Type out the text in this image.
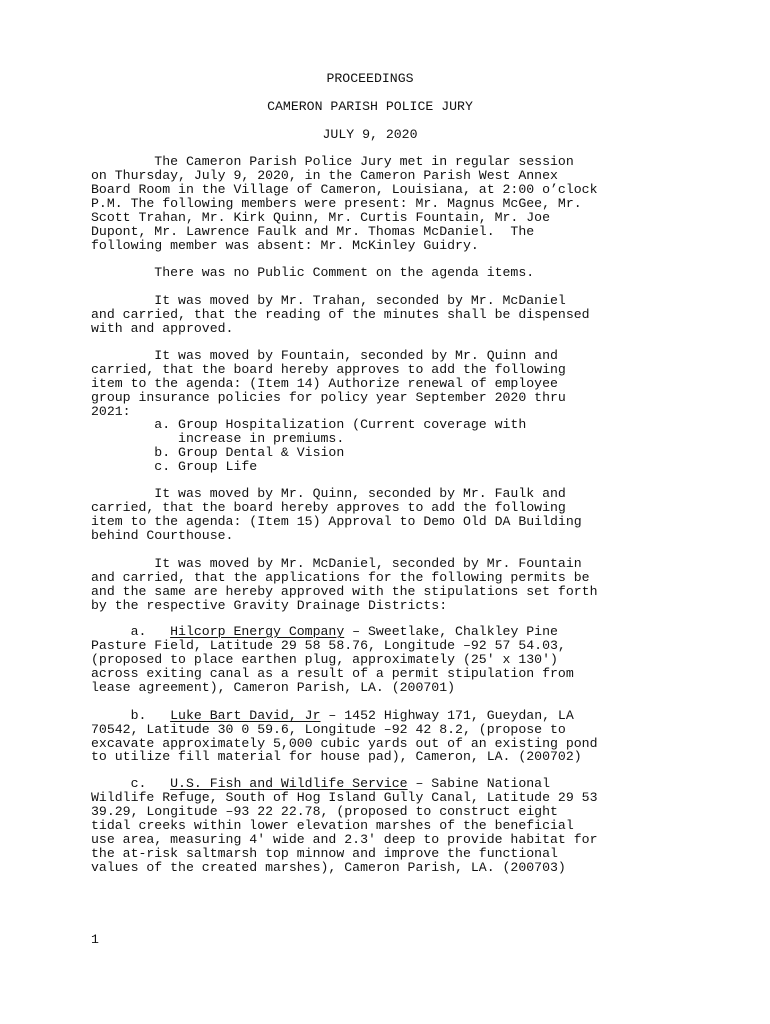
PROCEEDINGS
CAMERON PARISH POLICE JURY
JULY 9, 2020
The Cameron Parish Police Jury met in regular session
on Thursday, July 9, 2020, in the Cameron Parish West Annex
Board Room in the Village of Cameron, Louisiana, at 2:00 o’clock
P.M. The following members were present: Mr. Magnus McGee, Mr.
Scott Trahan, Mr. Kirk Quinn, Mr. Curtis Fountain, Mr. Joe
Dupont, Mr. Lawrence Faulk and Mr. Thomas McDaniel.  The
following member was absent: Mr. McKinley Guidry.
There was no Public Comment on the agenda items.
It was moved by Mr. Trahan, seconded by Mr. McDaniel
and carried, that the reading of the minutes shall be dispensed
with and approved.
It was moved by Fountain, seconded by Mr. Quinn and
carried, that the board hereby approves to add the following
item to the agenda: (Item 14) Authorize renewal of employee
group insurance policies for policy year September 2020 thru
2021:
a. Group Hospitalization (Current coverage with
increase in premiums.
b. Group Dental & Vision
c. Group Life
It was moved by Mr. Quinn, seconded by Mr. Faulk and
carried, that the board hereby approves to add the following
item to the agenda: (Item 15) Approval to Demo Old DA Building
behind Courthouse.
It was moved by Mr. McDaniel, seconded by Mr. Fountain
and carried, that the applications for the following permits be
and the same are hereby approved with the stipulations set forth
by the respective Gravity Drainage Districts:
a.   Hilcorp Energy Company – Sweetlake, Chalkley Pine
Pasture Field, Latitude 29 58 58.76, Longitude –92 57 54.03,
(proposed to place earthen plug, approximately (25' x 130')
across exiting canal as a result of a permit stipulation from
lease agreement), Cameron Parish, LA. (200701)
b.   Luke Bart David, Jr – 1452 Highway 171, Gueydan, LA
70542, Latitude 30 0 59.6, Longitude –92 42 8.2, (propose to
excavate approximately 5,000 cubic yards out of an existing pond
to utilize fill material for house pad), Cameron, LA. (200702)
c.   U.S. Fish and Wildlife Service – Sabine National
Wildlife Refuge, South of Hog Island Gully Canal, Latitude 29 53
39.29, Longitude –93 22 22.78, (proposed to construct eight
tidal creeks within lower elevation marshes of the beneficial
use area, measuring 4' wide and 2.3' deep to provide habitat for
the at-risk saltmarsh top minnow and improve the functional
values of the created marshes), Cameron Parish, LA. (200703)
1
